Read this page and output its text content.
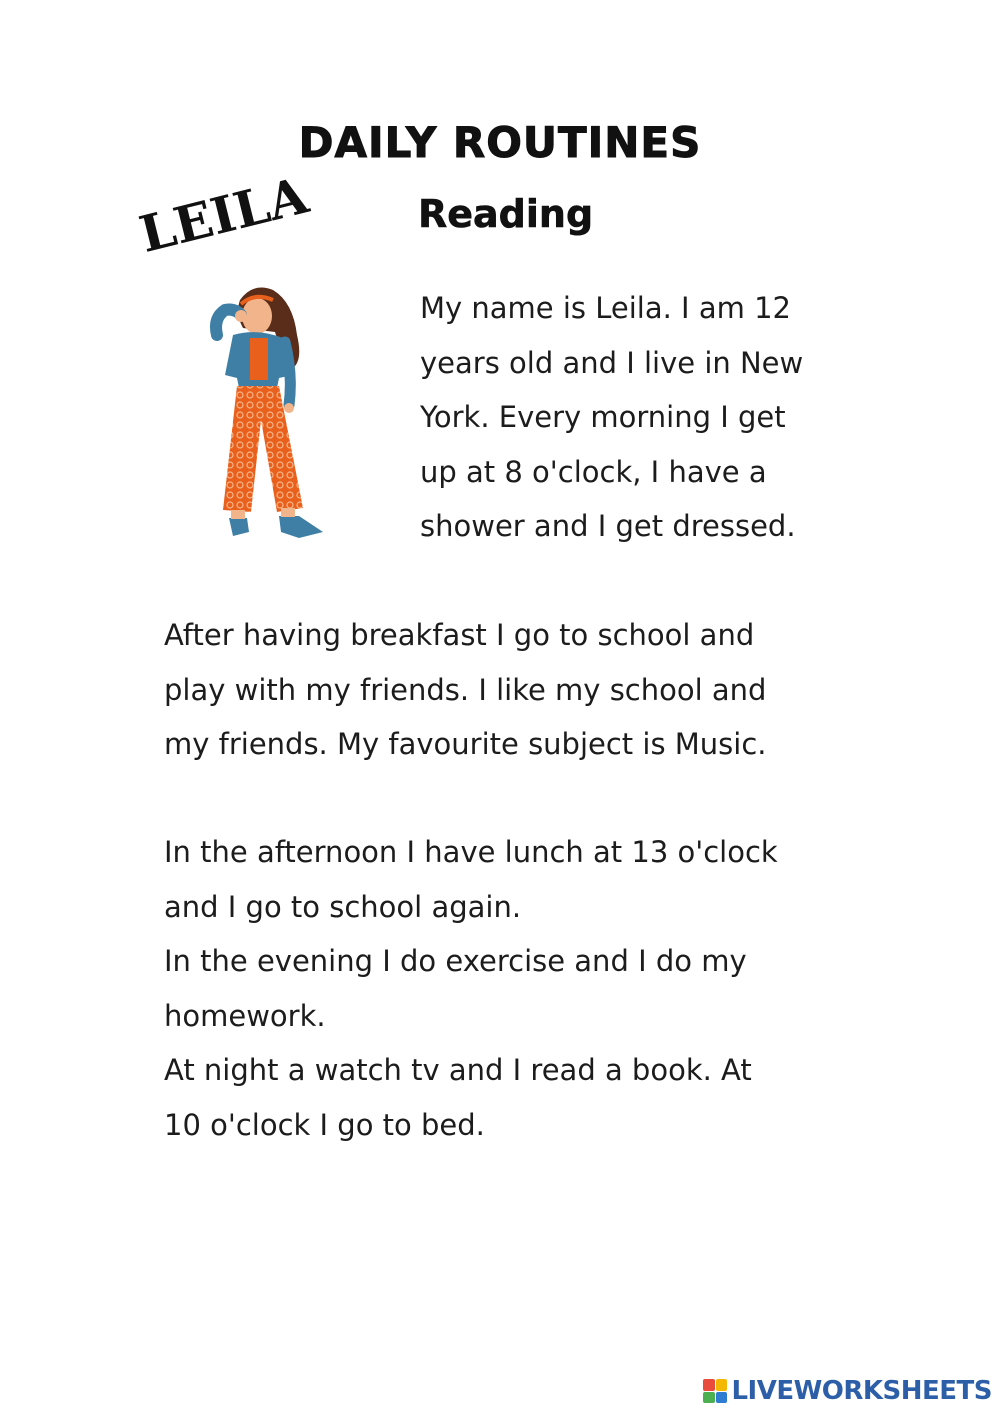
DAILY ROUTINES
Reading
LEILA

My name is Leila. I am 12
years old and I live in New
York. Every morning I get
up at 8 o'clock, I have a
shower and I get dressed.

After having breakfast I go to school and
play with my friends. I like my school and
my friends. My favourite subject is Music.

In the afternoon I have lunch at 13 o'clock
and I go to school again.
In the evening I do exercise and I do my
homework.
At night a watch tv and I read a book. At
10 o'clock I go to bed.

LIVEWORKSHEETS
